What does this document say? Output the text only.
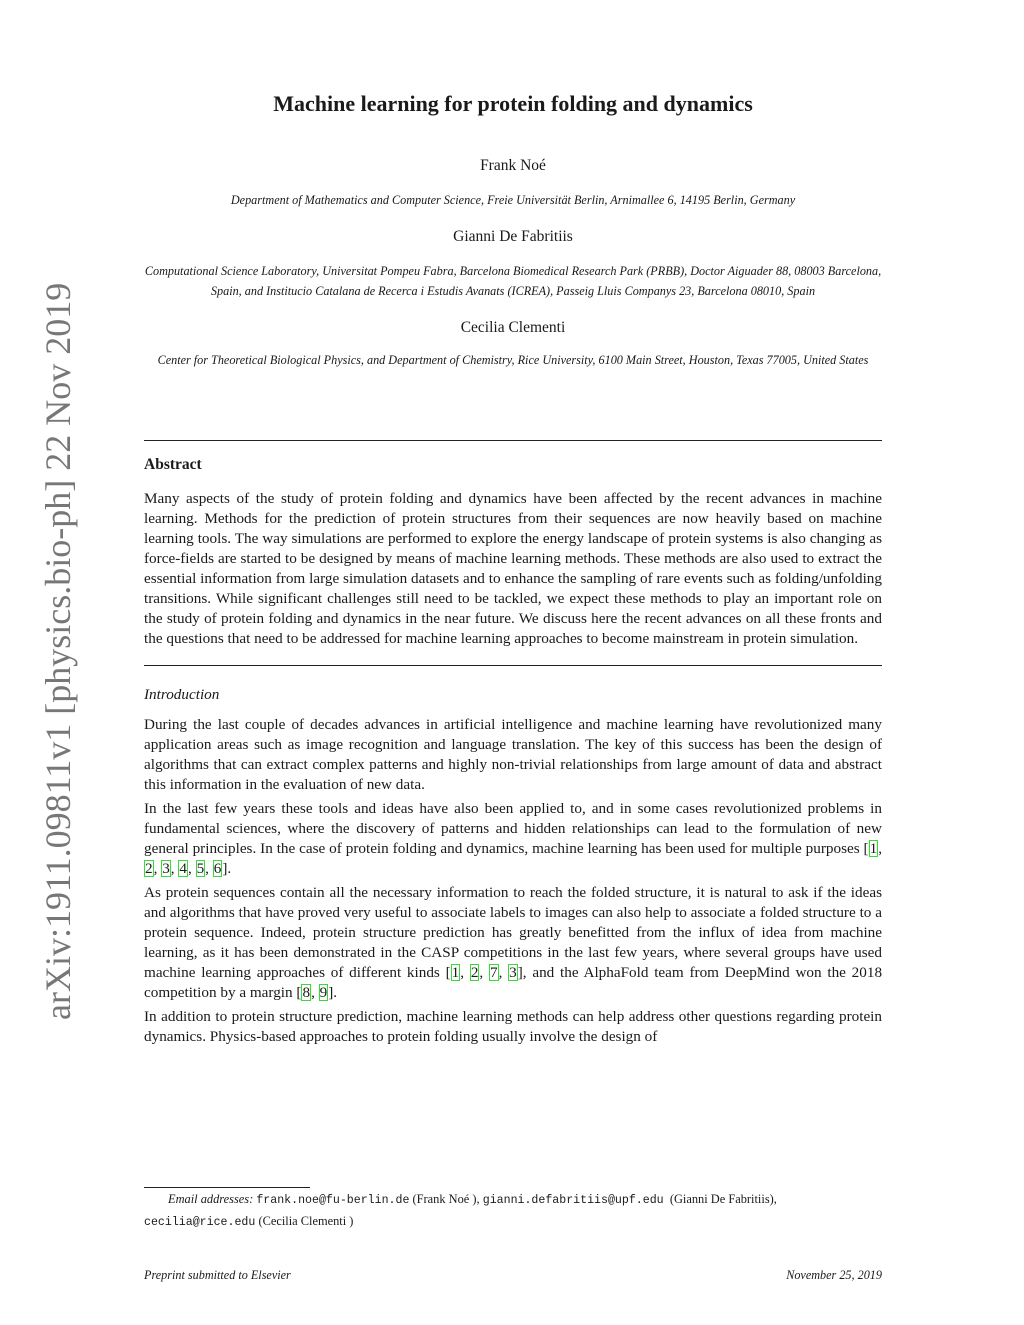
arXiv:1911.09811v1 [physics.bio-ph] 22 Nov 2019
Machine learning for protein folding and dynamics

Frank Noé

Department of Mathematics and Computer Science, Freie Universität Berlin, Arnimallee 6, 14195 Berlin, Germany

Gianni De Fabritiis

Computational Science Laboratory, Universitat Pompeu Fabra, Barcelona Biomedical Research Park (PRBB), Doctor Aiguader 88, 08003 Barcelona, Spain, and Institucio Catalana de Recerca i Estudis Avanats (ICREA), Passeig Lluis Companys 23, Barcelona 08010, Spain

Cecilia Clementi

Center for Theoretical Biological Physics, and Department of Chemistry, Rice University, 6100 Main Street, Houston, Texas 77005, United States

Abstract

Many aspects of the study of protein folding and dynamics have been affected by the recent advances in machine learning. Methods for the prediction of protein structures from their sequences are now heavily based on machine learning tools. The way simulations are performed to explore the energy landscape of protein systems is also changing as force-fields are started to be designed by means of machine learning methods. These methods are also used to extract the essential information from large simulation datasets and to enhance the sampling of rare events such as folding/unfolding transitions. While significant challenges still need to be tackled, we expect these methods to play an important role on the study of protein folding and dynamics in the near future. We discuss here the recent advances on all these fronts and the questions that need to be addressed for machine learning approaches to become mainstream in protein simulation.

Introduction

During the last couple of decades advances in artificial intelligence and machine learning have revolutionized many application areas such as image recognition and language translation. The key of this success has been the design of algorithms that can extract complex patterns and highly non-trivial relationships from large amount of data and abstract this information in the evaluation of new data.

In the last few years these tools and ideas have also been applied to, and in some cases revolutionized problems in fundamental sciences, where the discovery of patterns and hidden relationships can lead to the formulation of new general principles. In the case of protein folding and dynamics, machine learning has been used for multiple purposes [1, 2, 3, 4, 5, 6].

As protein sequences contain all the necessary information to reach the folded structure, it is natural to ask if the ideas and algorithms that have proved very useful to associate labels to images can also help to associate a folded structure to a protein sequence. Indeed, protein structure prediction has greatly benefitted from the influx of idea from machine learning, as it has been demonstrated in the CASP competitions in the last few years, where several groups have used machine learning approaches of different kinds [1, 2, 7, 3], and the AlphaFold team from DeepMind won the 2018 competition by a margin [8, 9].

In addition to protein structure prediction, machine learning methods can help address other questions regarding protein dynamics. Physics-based approaches to protein folding usually involve the design of

Email addresses: frank.noe@fu-berlin.de (Frank Noé ), gianni.defabritiis@upf.edu (Gianni De Fabritiis),
cecilia@rice.edu (Cecilia Clementi )
Preprint submitted to Elsevier	November 25, 2019
